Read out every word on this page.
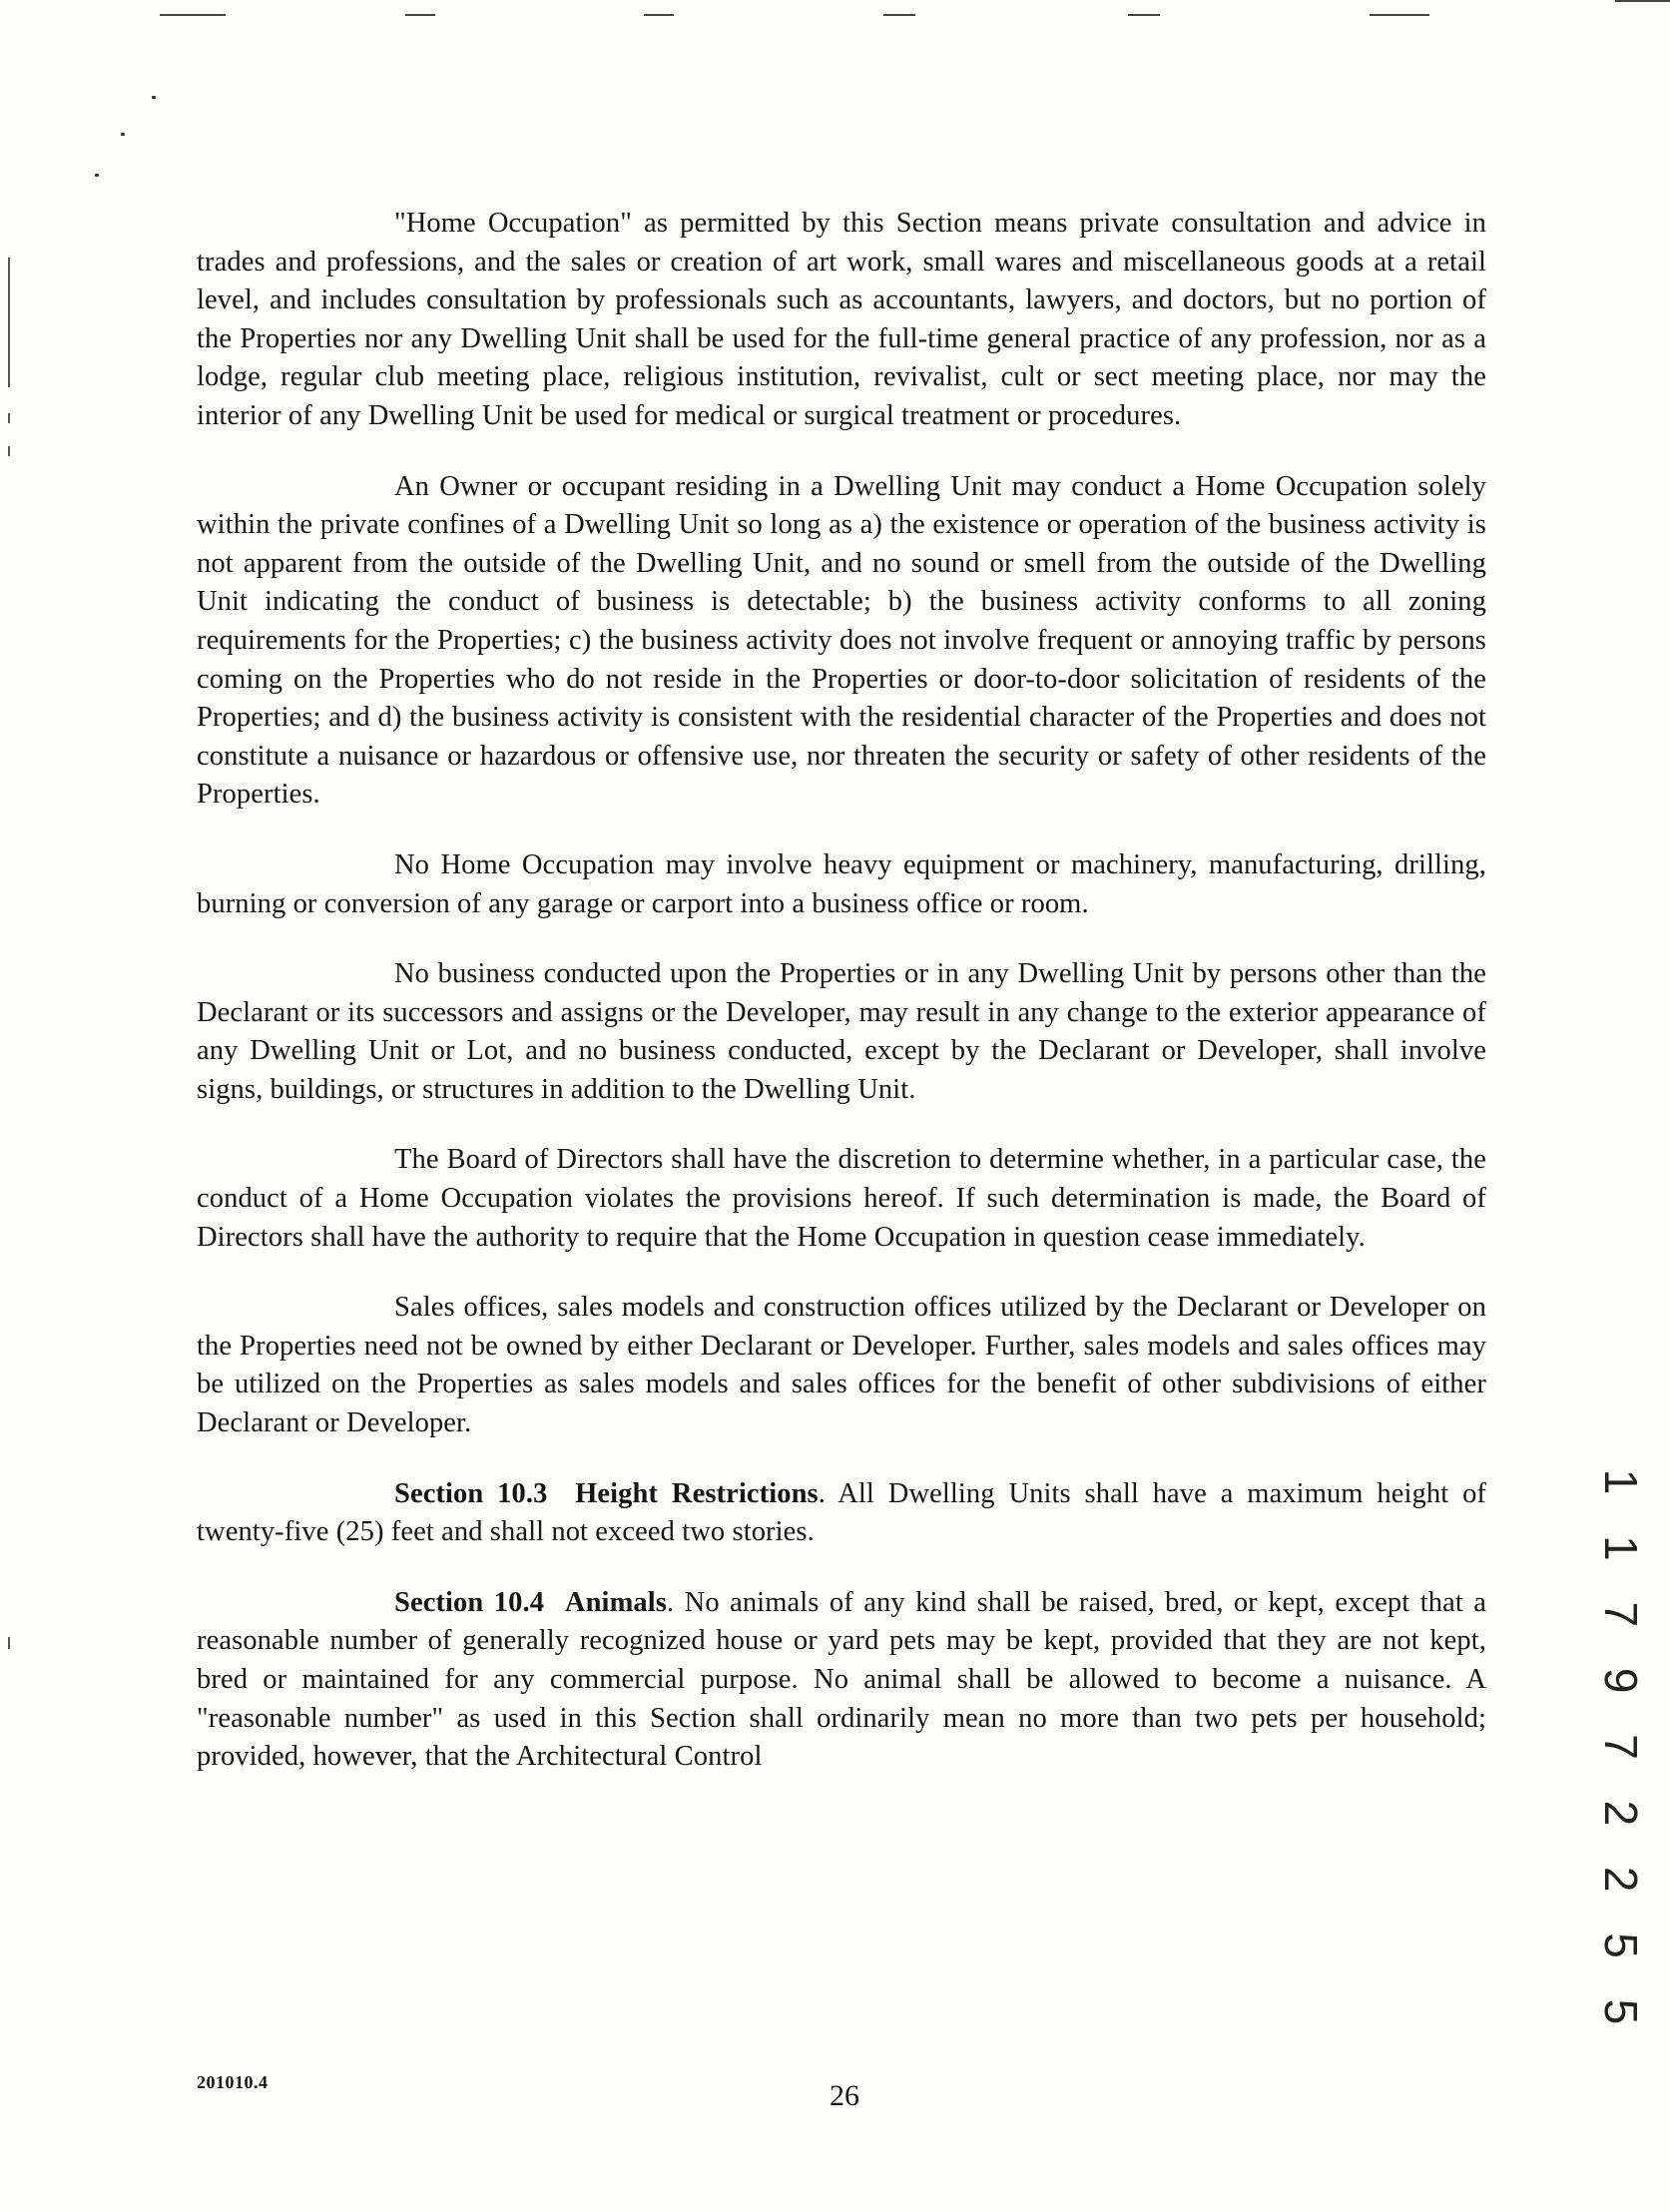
"Home Occupation" as permitted by this Section means private consultation and advice in trades and professions, and the sales or creation of art work, small wares and miscellaneous goods at a retail level, and includes consultation by professionals such as accountants, lawyers, and doctors, but no portion of the Properties nor any Dwelling Unit shall be used for the full-time general practice of any profession, nor as a lodge, regular club meeting place, religious institution, revivalist, cult or sect meeting place, nor may the interior of any Dwelling Unit be used for medical or surgical treatment or procedures.

An Owner or occupant residing in a Dwelling Unit may conduct a Home Occupation solely within the private confines of a Dwelling Unit so long as a) the existence or operation of the business activity is not apparent from the outside of the Dwelling Unit, and no sound or smell from the outside of the Dwelling Unit indicating the conduct of business is detectable; b) the business activity conforms to all zoning requirements for the Properties; c) the business activity does not involve frequent or annoying traffic by persons coming on the Properties who do not reside in the Properties or door-to-door solicitation of residents of the Properties; and d) the business activity is consistent with the residential character of the Properties and does not constitute a nuisance or hazardous or offensive use, nor threaten the security or safety of other residents of the Properties.

No Home Occupation may involve heavy equipment or machinery, manufacturing, drilling, burning or conversion of any garage or carport into a business office or room.

No business conducted upon the Properties or in any Dwelling Unit by persons other than the Declarant or its successors and assigns or the Developer, may result in any change to the exterior appearance of any Dwelling Unit or Lot, and no business conducted, except by the Declarant or Developer, shall involve signs, buildings, or structures in addition to the Dwelling Unit.

The Board of Directors shall have the discretion to determine whether, in a particular case, the conduct of a Home Occupation violates the provisions hereof. If such determination is made, the Board of Directors shall have the authority to require that the Home Occupation in question cease immediately.

Sales offices, sales models and construction offices utilized by the Declarant or Developer on the Properties need not be owned by either Declarant or Developer. Further, sales models and sales offices may be utilized on the Properties as sales models and sales offices for the benefit of other subdivisions of either Declarant or Developer.

Section 10.3 Height Restrictions. All Dwelling Units shall have a maximum height of twenty-five (25) feet and shall not exceed two stories.

Section 10.4 Animals. No animals of any kind shall be raised, bred, or kept, except that a reasonable number of generally recognized house or yard pets may be kept, provided that they are not kept, bred or maintained for any commercial purpose. No animal shall be allowed to become a nuisance. A "reasonable number" as used in this Section shall ordinarily mean no more than two pets per household; provided, however, that the Architectural Control	1 1 7 9 7 2 2 5 5
201010.4	26
